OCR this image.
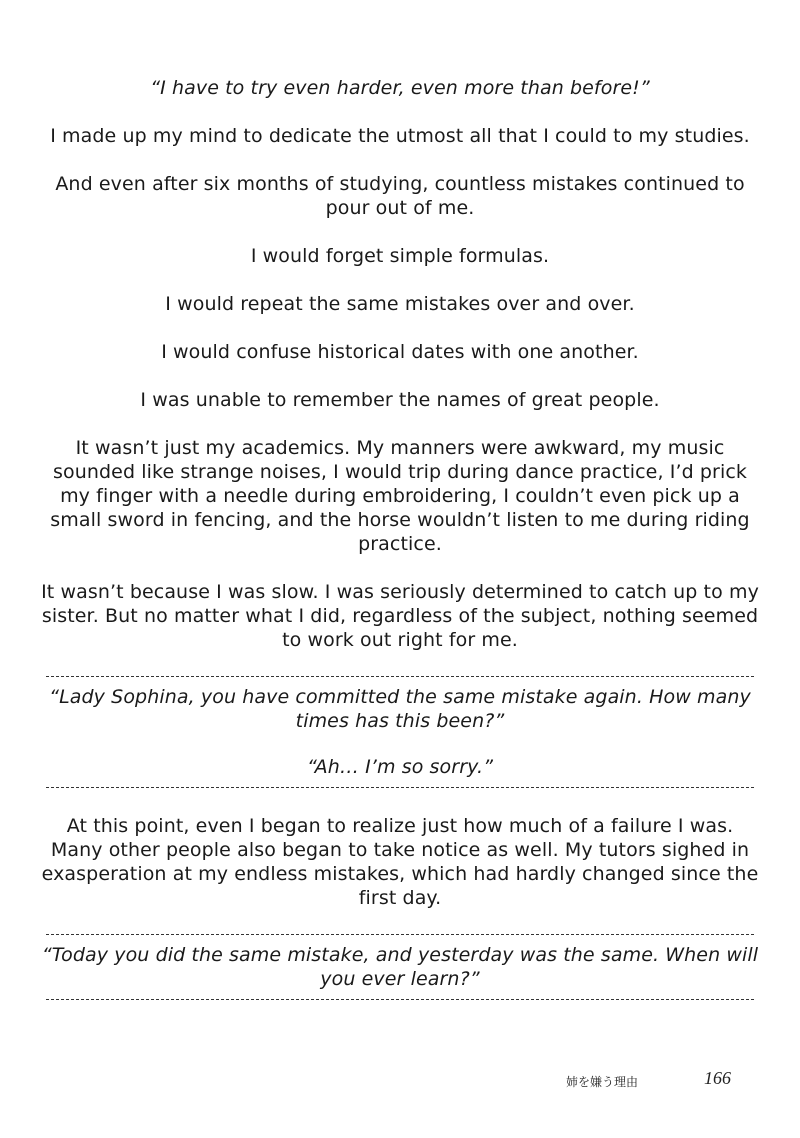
“I have to try even harder, even more than before!”

I made up my mind to dedicate the utmost all that I could to my studies.

And even after six months of studying, countless mistakes continued to pour out of me.

I would forget simple formulas.

I would repeat the same mistakes over and over.

I would confuse historical dates with one another.

I was unable to remember the names of great people.

It wasn’t just my academics. My manners were awkward, my music sounded like strange noises, I would trip during dance practice, I’d prick my finger with a needle during embroidering, I couldn’t even pick up a small sword in fencing, and the horse wouldn’t listen to me during riding practice.

It wasn’t because I was slow. I was seriously determined to catch up to my sister. But no matter what I did, regardless of the subject, nothing seemed to work out right for me.

“Lady Sophina, you have committed the same mistake again. How many times has this been?”

“Ah… I’m so sorry.”

At this point, even I began to realize just how much of a failure I was. Many other people also began to take notice as well. My tutors sighed in exasperation at my endless mistakes, which had hardly changed since the first day.

“Today you did the same mistake, and yesterday was the same. When will you ever learn?”

姉を嫌う理由	166
